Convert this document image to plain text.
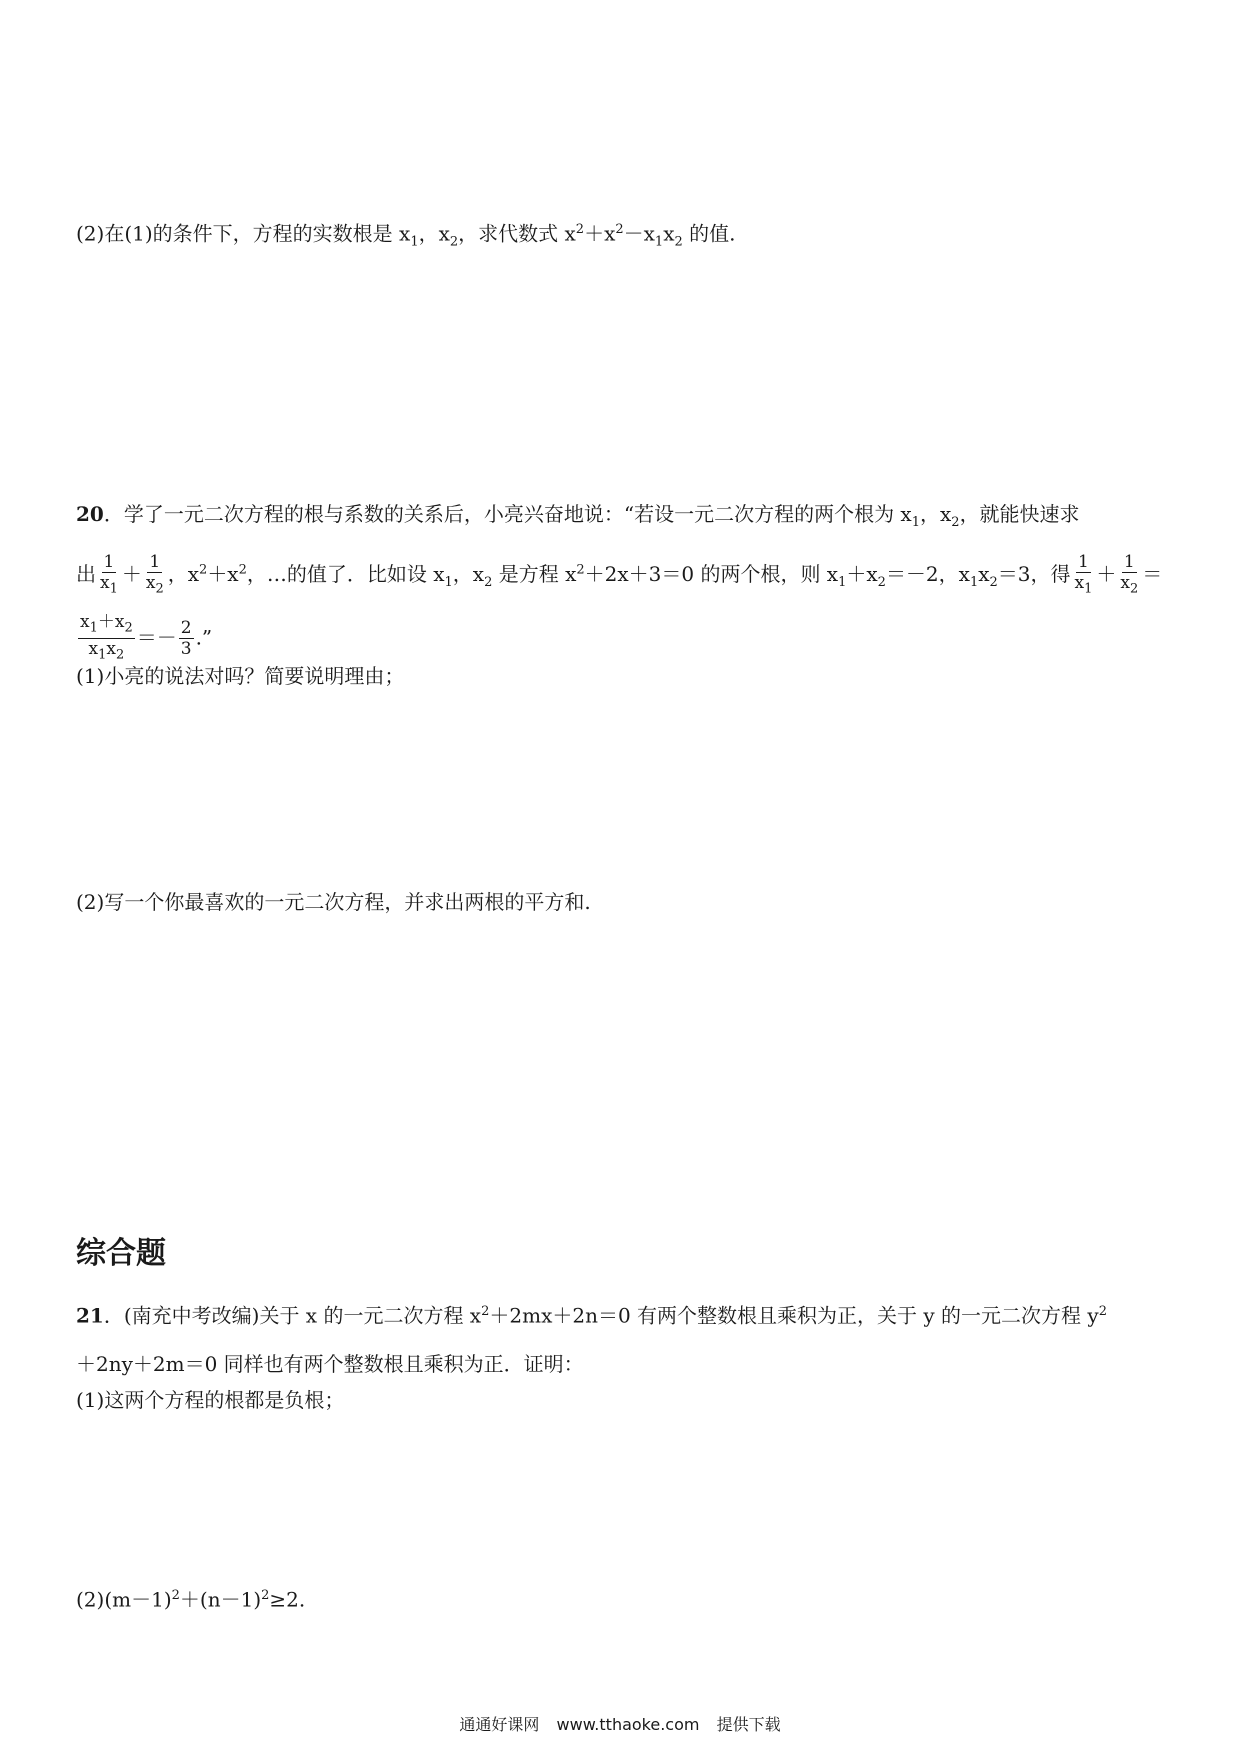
(2)在(1)的条件下，方程的实数根是 $x_1$，$x_2$，求代数式 $x^2+x^2-x_1x_2$ 的值.
20．学了一元二次方程的根与系数的关系后，小亮兴奋地说：“若设一元二次方程的两个根为 $x_1$，$x_2$，就能快速求
出 $\frac{1}{x_1} + \frac{1}{x_2}$ ，$x^2+x^2$，…的值了．比如设 $x_1$，$x_2$ 是方程 $x^2+2x+3=0$ 的两个根，则 $x_1+x_2=-2$，$x_1x_2=3$，得 $\frac{1}{x_1} + \frac{1}{x_2}$ ＝
$\frac{x_1+x_2}{x_1x_2} =- \frac{2}{3}$ .”
(1)小亮的说法对吗？简要说明理由；
(2)写一个你最喜欢的一元二次方程，并求出两根的平方和.
综合题
21．(南充中考改编)关于 x 的一元二次方程 $x^2+2mx+2n=0$ 有两个整数根且乘积为正，关于 y 的一元二次方程 $y^2$
＋2ny＋2m＝0 同样也有两个整数根且乘积为正．证明：
(1)这两个方程的根都是负根；
$(2)(m-1)^2+(n-1)^2\ge 2$.
通通好课网 www.tthaoke.com 提供下载
